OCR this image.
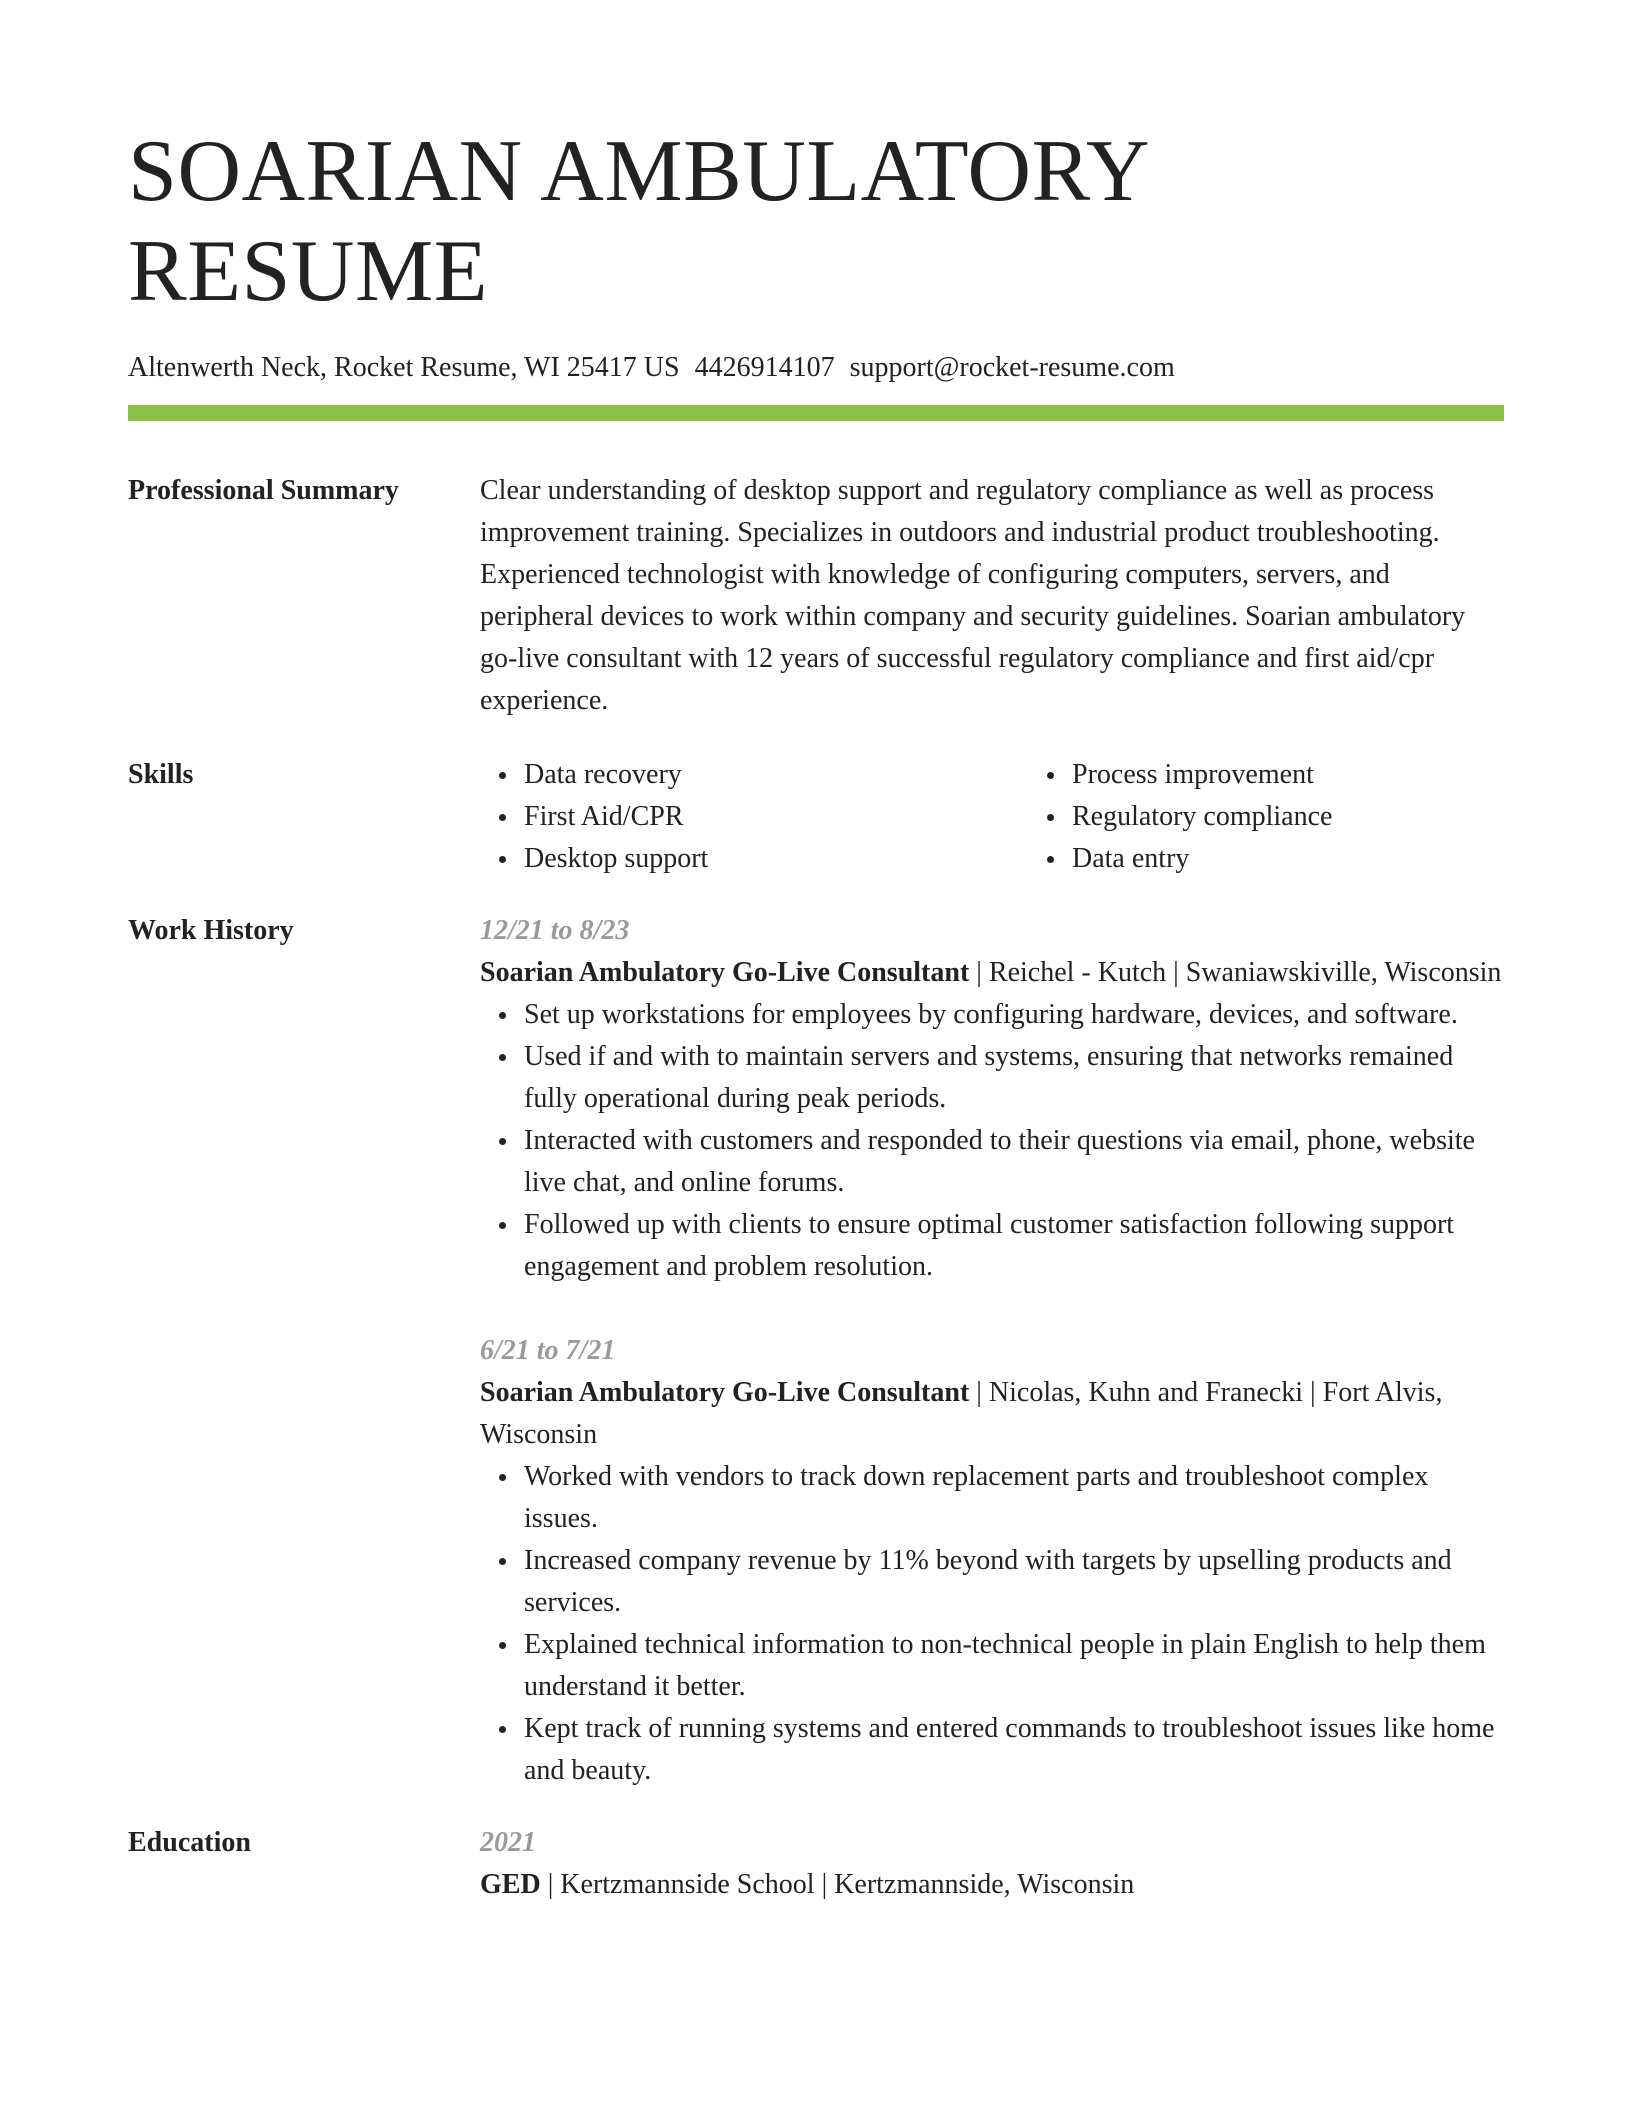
SOARIAN AMBULATORY RESUME
Altenwerth Neck, Rocket Resume, WI 25417 US 4426914107 support@rocket-resume.com
Professional Summary	Clear understanding of desktop support and regulatory compliance as well as process improvement training. Specializes in outdoors and industrial product troubleshooting. Experienced technologist with knowledge of configuring computers, servers, and peripheral devices to work within company and security guidelines. Soarian ambulatory go-live consultant with 12 years of successful regulatory compliance and first aid/cpr experience.
Skills	Data recovery
First Aid/CPR
Desktop support
Process improvement
Regulatory compliance
Data entry
Work History	12/21 to 8/23
Soarian Ambulatory Go-Live Consultant | Reichel - Kutch | Swaniawskiville, Wisconsin
Set up workstations for employees by configuring hardware, devices, and software.
Used if and with to maintain servers and systems, ensuring that networks remained fully operational during peak periods.
Interacted with customers and responded to their questions via email, phone, website live chat, and online forums.
Followed up with clients to ensure optimal customer satisfaction following support engagement and problem resolution.
6/21 to 7/21
Soarian Ambulatory Go-Live Consultant | Nicolas, Kuhn and Franecki | Fort Alvis, Wisconsin
Worked with vendors to track down replacement parts and troubleshoot complex issues.
Increased company revenue by 11% beyond with targets by upselling products and services.
Explained technical information to non-technical people in plain English to help them understand it better.
Kept track of running systems and entered commands to troubleshoot issues like home and beauty.
Education	2021
GED | Kertzmannside School | Kertzmannside, Wisconsin
